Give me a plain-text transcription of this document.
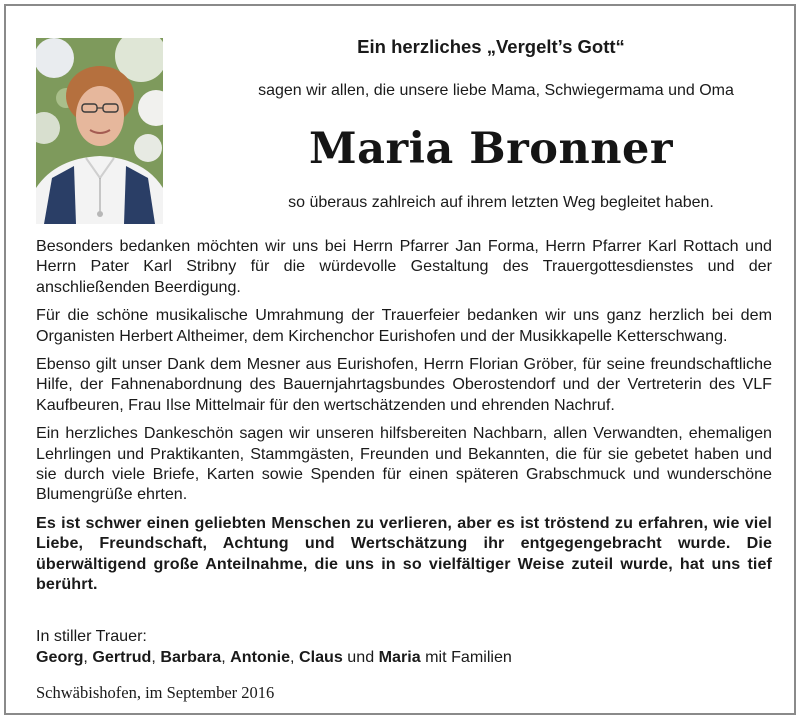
Ein herzliches „Vergelt’s Gott“
sagen wir allen, die unsere liebe Mama, Schwiegermama und Oma
Maria Bronner
so überaus zahlreich auf ihrem letzten Weg begleitet haben.

Besonders bedanken möchten wir uns bei Herrn Pfarrer Jan Forma, Herrn Pfarrer Karl Rottach und Herrn Pater Karl Stribny für die würdevolle Gestaltung des Trauergottesdienstes und der anschließenden Beerdigung.

Für die schöne musikalische Umrahmung der Trauerfeier bedanken wir uns ganz herzlich bei dem Organisten Herbert Altheimer, dem Kirchenchor Eurishofen und der Musikkapelle Ketterschwang.

Ebenso gilt unser Dank dem Mesner aus Eurishofen, Herrn Florian Gröber, für seine freundschaftliche Hilfe, der Fahnenabordnung des Bauernjahrtagsbundes Oberostendorf und der Vertreterin des VLF Kaufbeuren, Frau Ilse Mittelmair für den wertschätzenden und ehrenden Nachruf.

Ein herzliches Dankeschön sagen wir unseren hilfsbereiten Nachbarn, allen Verwandten, ehemaligen Lehrlingen und Praktikanten, Stammgästen, Freunden und Bekannten, die für sie gebetet haben und sie durch viele Briefe, Karten sowie Spenden für einen späteren Grabschmuck und wunderschöne Blumengrüße ehrten.

Es ist schwer einen geliebten Menschen zu verlieren, aber es ist tröstend zu erfahren, wie viel Liebe, Freundschaft, Achtung und Wertschätzung ihr entgegengebracht wurde. Die überwältigend große Anteilnahme, die uns in so vielfältiger Weise zuteil wurde, hat uns tief berührt.

In stiller Trauer:
Georg, Gertrud, Barbara, Antonie, Claus und Maria mit Familien
Schwäbishofen, im September 2016
